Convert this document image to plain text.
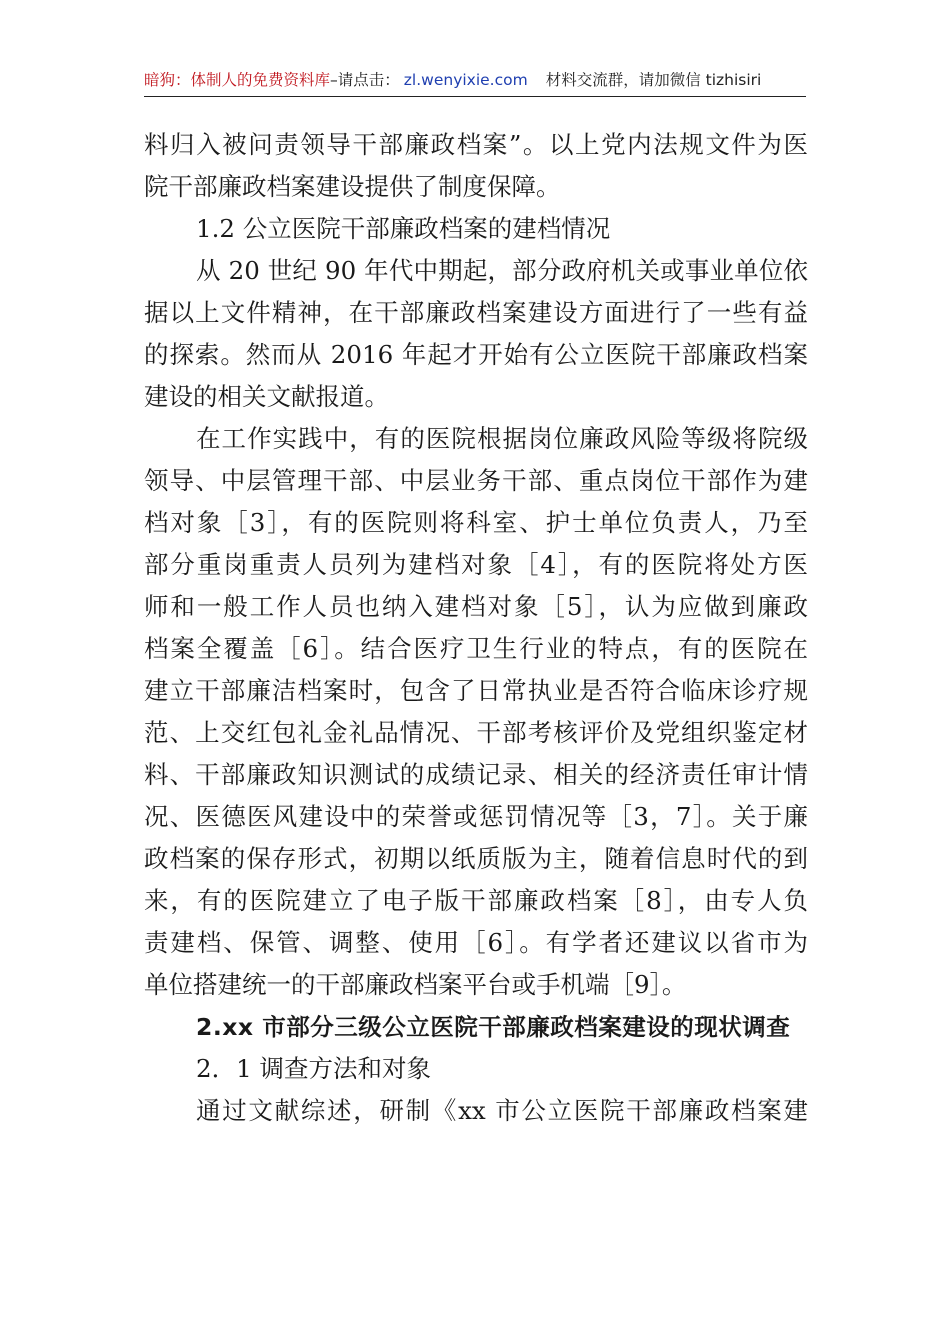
暗狗：体制人的免费资料库 –请点击： zl.wenyixie.com 材料交流群，请加微信 tizhisiri
料归入被问责领导干部廉政档案”。以上党内法规文件为医
院干部廉政档案建设提供了制度保障。
1.2 公立医院干部廉政档案的建档情况
从 20 世纪 90 年代中期起，部分政府机关或事业单位依
据以上文件精神，在干部廉政档案建设方面进行了一些有益
的探索。然而从 2016 年起才开始有公立医院干部廉政档案
建设的相关文献报道。
在工作实践中，有的医院根据岗位廉政风险等级将院级
领导、中层管理干部、中层业务干部、重点岗位干部作为建
档对象［3］，有的医院则将科室、护士单位负责人，乃至
部分重岗重责人员列为建档对象［4］，有的医院将处方医
师和一般工作人员也纳入建档对象［5］，认为应做到廉政
档案全覆盖［6］。结合医疗卫生行业的特点，有的医院在
建立干部廉洁档案时，包含了日常执业是否符合临床诊疗规
范、上交红包礼金礼品情况、干部考核评价及党组织鉴定材
料、干部廉政知识测试的成绩记录、相关的经济责任审计情
况、医德医风建设中的荣誉或惩罚情况等［3，7］。关于廉
政档案的保存形式，初期以纸质版为主，随着信息时代的到
来，有的医院建立了电子版干部廉政档案［8］，由专人负
责建档、保管、调整、使用［6］。有学者还建议以省市为
单位搭建统一的干部廉政档案平台或手机端［9］。
2.xx 市部分三级公立医院干部廉政档案建设的现状调查
2．1 调查方法和对象
通过文献综述，研制《xx 市公立医院干部廉政档案建
